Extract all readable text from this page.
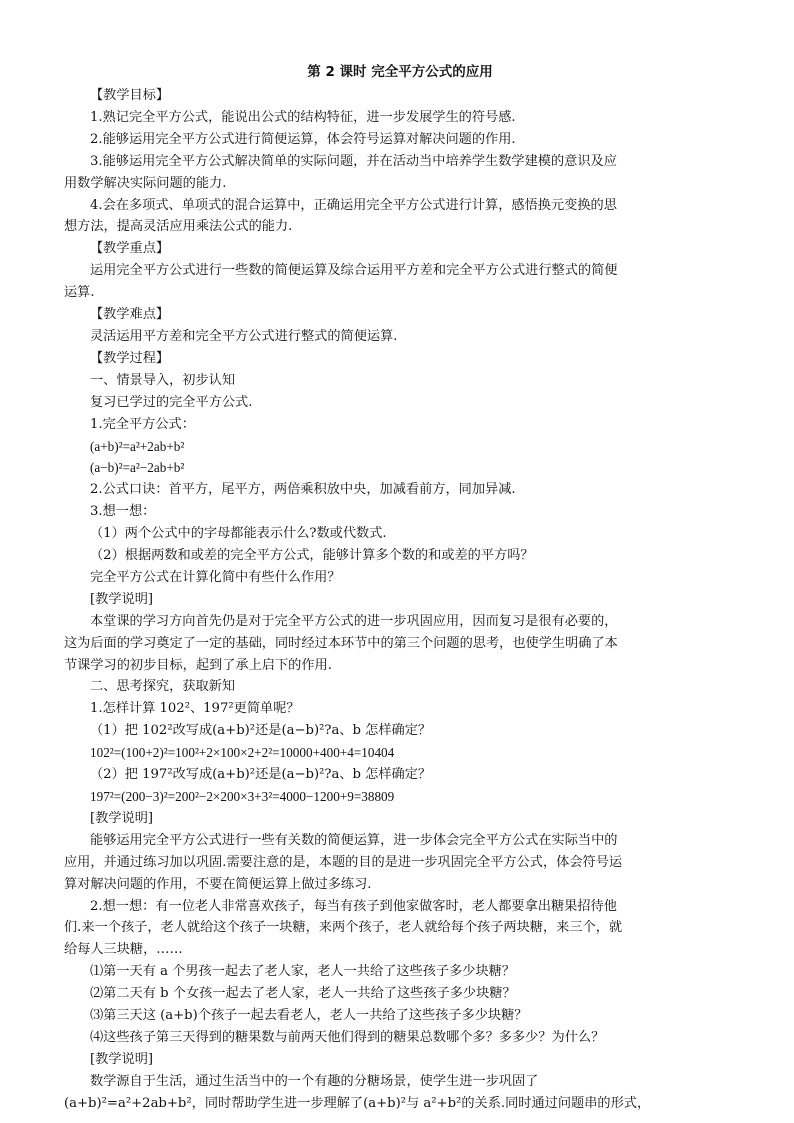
第 2 课时 完全平方公式的应用

【教学目标】

1.熟记完全平方公式，能说出公式的结构特征，进一步发展学生的符号感.

2.能够运用完全平方公式进行简便运算，体会符号运算对解决问题的作用.

3.能够运用完全平方公式解决简单的实际问题，并在活动当中培养学生数学建模的意识及应

用数学解决实际问题的能力.

4.会在多项式、单项式的混合运算中，正确运用完全平方公式进行计算，感悟换元变换的思

想方法，提高灵活应用乘法公式的能力.

【教学重点】

运用完全平方公式进行一些数的简便运算及综合运用平方差和完全平方公式进行整式的简便

运算.

【教学难点】

灵活运用平方差和完全平方公式进行整式的简便运算.

【教学过程】

一、情景导入，初步认知

复习已学过的完全平方公式.

1.完全平方公式：

(a+b)²=a²+2ab+b²

(a−b)²=a²−2ab+b²

2.公式口诀：首平方，尾平方，两倍乘积放中央，加减看前方，同加异减.

3.想一想：

（1）两个公式中的字母都能表示什么?数或代数式.

（2）根据两数和或差的完全平方公式，能够计算多个数的和或差的平方吗？

完全平方公式在计算化简中有些什么作用？

[教学说明]

本堂课的学习方向首先仍是对于完全平方公式的进一步巩固应用，因而复习是很有必要的，

这为后面的学习奠定了一定的基础，同时经过本环节中的第三个问题的思考，也使学生明确了本

节课学习的初步目标，起到了承上启下的作用.

二、思考探究，获取新知

1.怎样计算 102²、197²更简单呢？

（1）把 102²改写成(a+b)²还是(a−b)²?a、b 怎样确定？

102²=(100+2)²=100²+2×100×2+2²=10000+400+4=10404

（2）把 197²改写成(a+b)²还是(a−b)²?a、b 怎样确定？

197²=(200−3)²=200²−2×200×3+3²=4000−1200+9=38809

[教学说明]

能够运用完全平方公式进行一些有关数的简便运算，进一步体会完全平方公式在实际当中的

应用，并通过练习加以巩固.需要注意的是，本题的目的是进一步巩固完全平方公式，体会符号运

算对解决问题的作用，不要在简便运算上做过多练习.

2.想一想：有一位老人非常喜欢孩子，每当有孩子到他家做客时，老人都要拿出糖果招待他

们.来一个孩子，老人就给这个孩子一块糖，来两个孩子，老人就给每个孩子两块糖，来三个，就

给每人三块糖，……

⑴第一天有 a 个男孩一起去了老人家，老人一共给了这些孩子多少块糖？

⑵第二天有 b 个女孩一起去了老人家，老人一共给了这些孩子多少块糖？

⑶第三天这 (a+b)个孩子一起去看老人，老人一共给了这些孩子多少块糖？

⑷这些孩子第三天得到的糖果数与前两天他们得到的糖果总数哪个多？多多少？为什么？

[教学说明]

数学源自于生活，通过生活当中的一个有趣的分糖场景，使学生进一步巩固了

(a+b)²=a²+2ab+b²，同时帮助学生进一步理解了(a+b)²与 a²+b²的关系.同时通过问题串的形式，
